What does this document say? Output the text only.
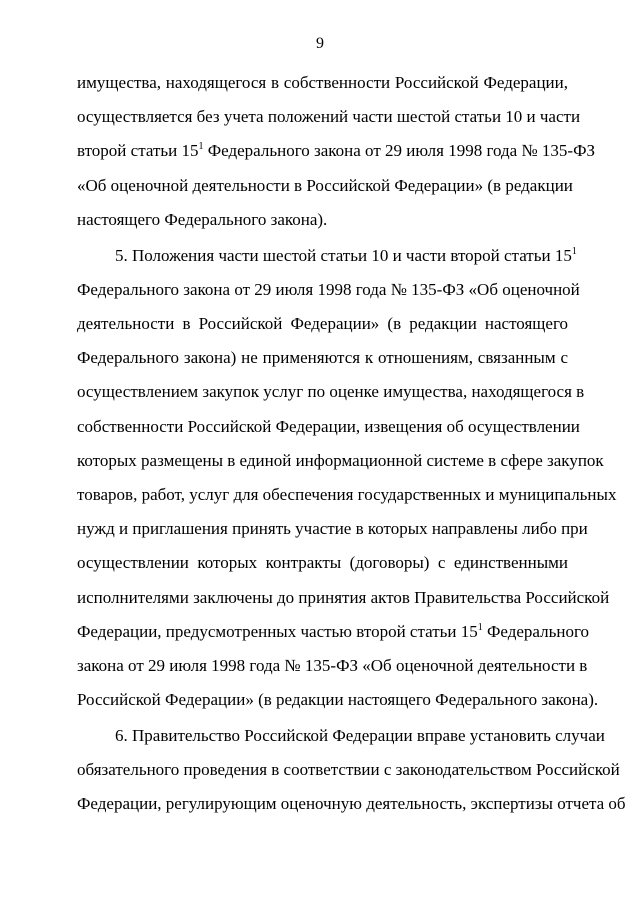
9
имущества, находящегося в собственности Российской Федерации,
осуществляется без учета положений части шестой статьи 10 и части
второй статьи $15^1$ Федерального закона от 29 июля 1998 года № 135-ФЗ
«Об оценочной деятельности в Российской Федерации» (в редакции
настоящего Федерального закона).
5. Положения части шестой статьи 10 и части второй статьи $15^1$
Федерального закона от 29 июля 1998 года № 135-ФЗ «Об оценочной
деятельности в Российской Федерации» (в редакции настоящего
Федерального закона) не применяются к отношениям, связанным с
осуществлением закупок услуг по оценке имущества, находящегося в
собственности Российской Федерации, извещения об осуществлении
которых размещены в единой информационной системе в сфере закупок
товаров, работ, услуг для обеспечения государственных и муниципальных
нужд и приглашения принять участие в которых направлены либо при
осуществлении которых контракты (договоры) с единственными
исполнителями заключены до принятия актов Правительства Российской
Федерации, предусмотренных частью второй статьи $15^1$ Федерального
закона от 29 июля 1998 года № 135-ФЗ «Об оценочной деятельности в
Российской Федерации» (в редакции настоящего Федерального закона).
6. Правительство Российской Федерации вправе установить случаи
обязательного проведения в соответствии с законодательством Российской
Федерации, регулирующим оценочную деятельность, экспертизы отчета об
